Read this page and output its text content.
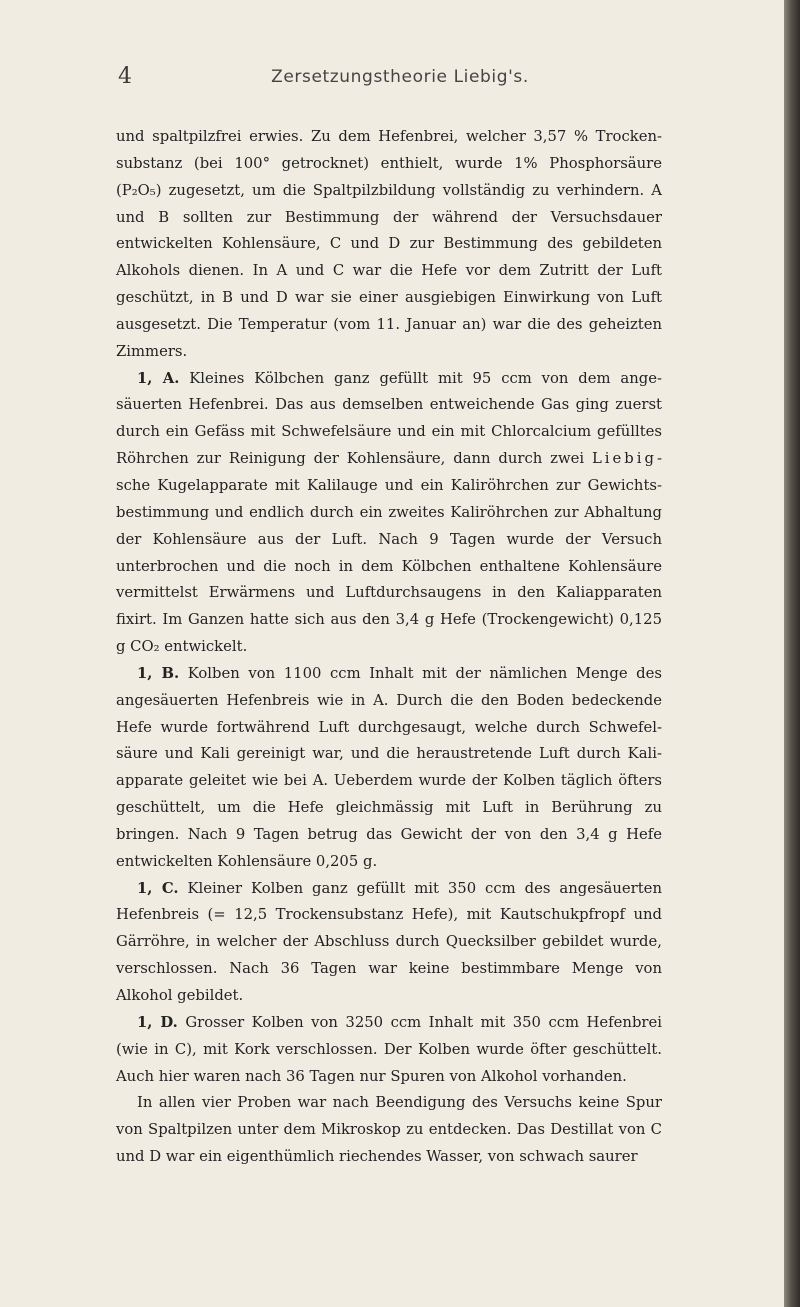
4	Zersetzungstheorie Liebig's.

und spaltpilzfrei erwies. Zu dem Hefenbrei, welcher 3,57 % Trockensubstanz (bei 100° getrocknet) enthielt, wurde 1% Phosphorsäure (P₂O₅) zugesetzt, um die Spaltpilzbildung vollständig zu verhindern. A und B sollten zur Bestimmung der während der Versuchsdauer entwickelten Kohlensäure, C und D zur Bestimmung des gebildeten Alkohols dienen. In A und C war die Hefe vor dem Zutritt der Luft geschützt, in B und D war sie einer ausgiebigen Einwirkung von Luft ausgesetzt. Die Temperatur (vom 11. Januar an) war die des geheizten Zimmers.

1, A. Kleines Kölbchen ganz gefüllt mit 95 ccm von dem angesäuerten Hefenbrei. Das aus demselben entweichende Gas ging zuerst durch ein Gefäss mit Schwefelsäure und ein mit Chlorcalcium gefülltes Röhrchen zur Reinigung der Kohlensäure, dann durch zwei Liebigsche Kugelapparate mit Kalilauge und ein Kaliröhrchen zur Gewichtsbestimmung und endlich durch ein zweites Kaliröhrchen zur Abhaltung der Kohlensäure aus der Luft. Nach 9 Tagen wurde der Versuch unterbrochen und die noch in dem Kölbchen enthaltene Kohlensäure vermittelst Erwärmens und Luftdurchsaugens in den Kaliapparaten fixirt. Im Ganzen hatte sich aus den 3,4 g Hefe (Trockengewicht) 0,125 g CO₂ entwickelt.

1, B. Kolben von 1100 ccm Inhalt mit der nämlichen Menge des angesäuerten Hefenbreis wie in A. Durch die den Boden bedeckende Hefe wurde fortwährend Luft durchgesaugt, welche durch Schwefelsäure und Kali gereinigt war, und die heraustretende Luft durch Kaliapparate geleitet wie bei A. Ueberdem wurde der Kolben täglich öfters geschüttelt, um die Hefe gleichmässig mit Luft in Berührung zu bringen. Nach 9 Tagen betrug das Gewicht der von den 3,4 g Hefe entwickelten Kohlensäure 0,205 g.

1, C. Kleiner Kolben ganz gefüllt mit 350 ccm des angesäuerten Hefenbreis (= 12,5 Trockensubstanz Hefe), mit Kautschukpfropf und Gärröhre, in welcher der Abschluss durch Quecksilber gebildet wurde, verschlossen. Nach 36 Tagen war keine bestimmbare Menge von Alkohol gebildet.

1, D. Grosser Kolben von 3250 ccm Inhalt mit 350 ccm Hefenbrei (wie in C), mit Kork verschlossen. Der Kolben wurde öfter geschüttelt. Auch hier waren nach 36 Tagen nur Spuren von Alkohol vorhanden.

In allen vier Proben war nach Beendigung des Versuchs keine Spur von Spaltpilzen unter dem Mikroskop zu entdecken. Das Destillat von C und D war ein eigenthümlich riechendes Wasser, von schwach saurer
